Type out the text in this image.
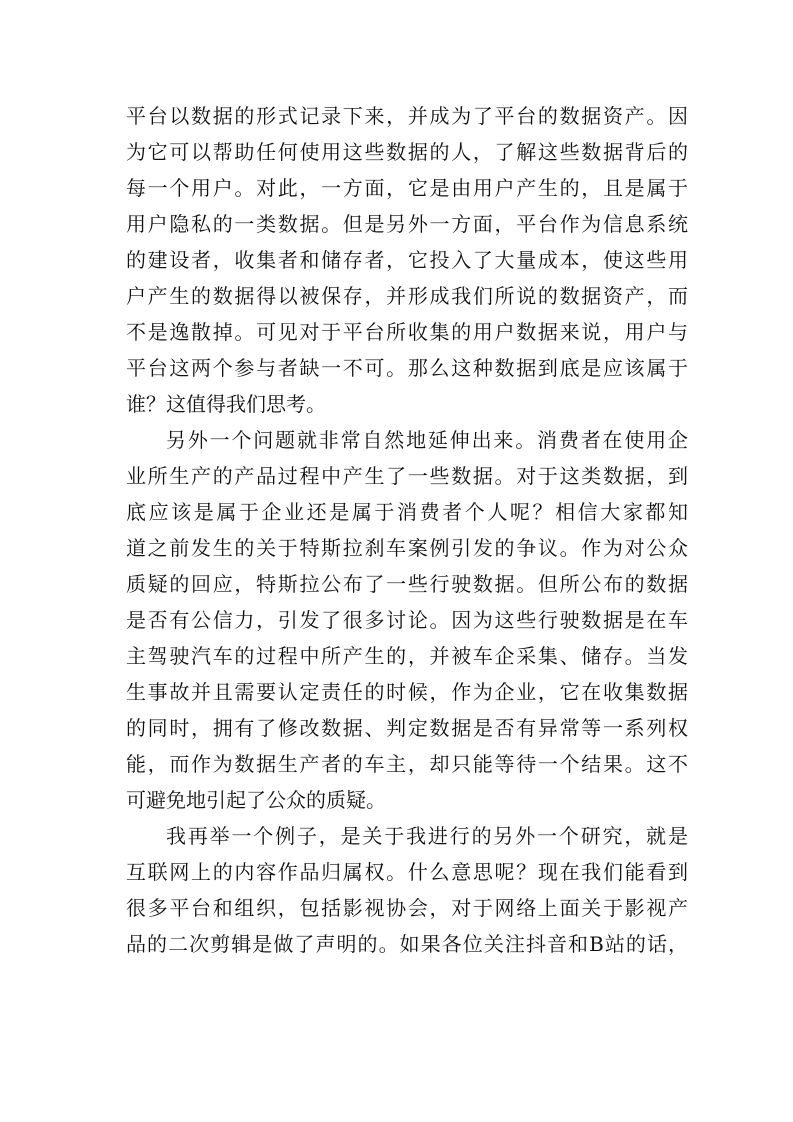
平台以数据的形式记录下来，并成为了平台的数据资产。因
为它可以帮助任何使用这些数据的人，了解这些数据背后的
每一个用户。对此，一方面，它是由用户产生的，且是属于
用户隐私的一类数据。但是另外一方面，平台作为信息系统
的建设者，收集者和储存者，它投入了大量成本，使这些用
户产生的数据得以被保存，并形成我们所说的数据资产，而
不是逸散掉。可见对于平台所收集的用户数据来说，用户与
平台这两个参与者缺一不可。那么这种数据到底是应该属于
谁？这值得我们思考。
另外一个问题就非常自然地延伸出来。消费者在使用企
业所生产的产品过程中产生了一些数据。对于这类数据，到
底应该是属于企业还是属于消费者个人呢？相信大家都知
道之前发生的关于特斯拉刹车案例引发的争议。作为对公众
质疑的回应，特斯拉公布了一些行驶数据。但所公布的数据
是否有公信力，引发了很多讨论。因为这些行驶数据是在车
主驾驶汽车的过程中所产生的，并被车企采集、储存。当发
生事故并且需要认定责任的时候，作为企业，它在收集数据
的同时，拥有了修改数据、判定数据是否有异常等一系列权
能，而作为数据生产者的车主，却只能等待一个结果。这不
可避免地引起了公众的质疑。
我再举一个例子，是关于我进行的另外一个研究，就是
互联网上的内容作品归属权。什么意思呢？现在我们能看到
很多平台和组织，包括影视协会，对于网络上面关于影视产
品的二次剪辑是做了声明的。如果各位关注抖音和B站的话，
